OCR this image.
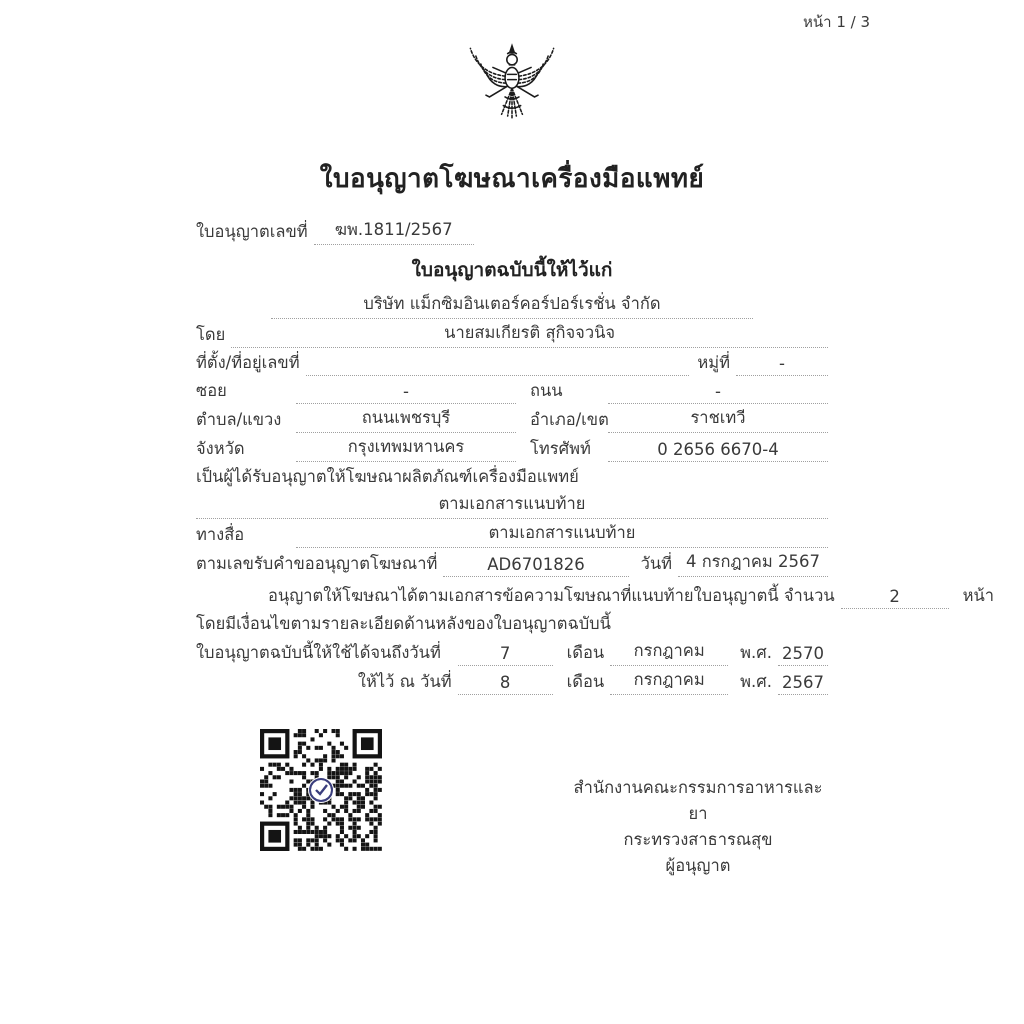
หน้า 1 / 3
ใบอนุญาตโฆษณาเครื่องมือแพทย์
ใบอนุญาตเลขที่	ฆพ.1811/2567
ใบอนุญาตฉบับนี้ให้ไว้แก่
บริษัท แม็กซิมอินเตอร์คอร์ปอร์เรชั่น จำกัด
โดย	นายสมเกียรติ สุกิจจวนิจ
ที่ตั้ง/ที่อยู่เลขที่	หมู่ที่	-
ซอย	-	ถนน	-
ตำบล/แขวง	ถนนเพชรบุรี	อำเภอ/เขต	ราชเทวี
จังหวัด	กรุงเทพมหานคร	โทรศัพท์	0 2656 6670-4
เป็นผู้ได้รับอนุญาตให้โฆษณาผลิตภัณฑ์เครื่องมือแพทย์
ตามเอกสารแนบท้าย
ทางสื่อ	ตามเอกสารแนบท้าย
ตามเลขรับคำขออนุญาตโฆษณาที่	AD6701826	วันที่ 4 กรกฎาคม 2567
อนุญาตให้โฆษณาได้ตามเอกสารข้อความโฆษณาที่แนบท้ายใบอนุญาตนี้ จำนวน	2	หน้า
โดยมีเงื่อนไขตามรายละเอียดด้านหลังของใบอนุญาตฉบับนี้
ใบอนุญาตฉบับนี้ให้ใช้ได้จนถึงวันที่	7	เดือน	กรกฎาคม	พ.ศ. 2570
ให้ไว้ ณ วันที่	8	เดือน	กรกฎาคม	พ.ศ. 2567
สำนักงานคณะกรรมการอาหารและยา
กระทรวงสาธารณสุข
ผู้อนุญาต
